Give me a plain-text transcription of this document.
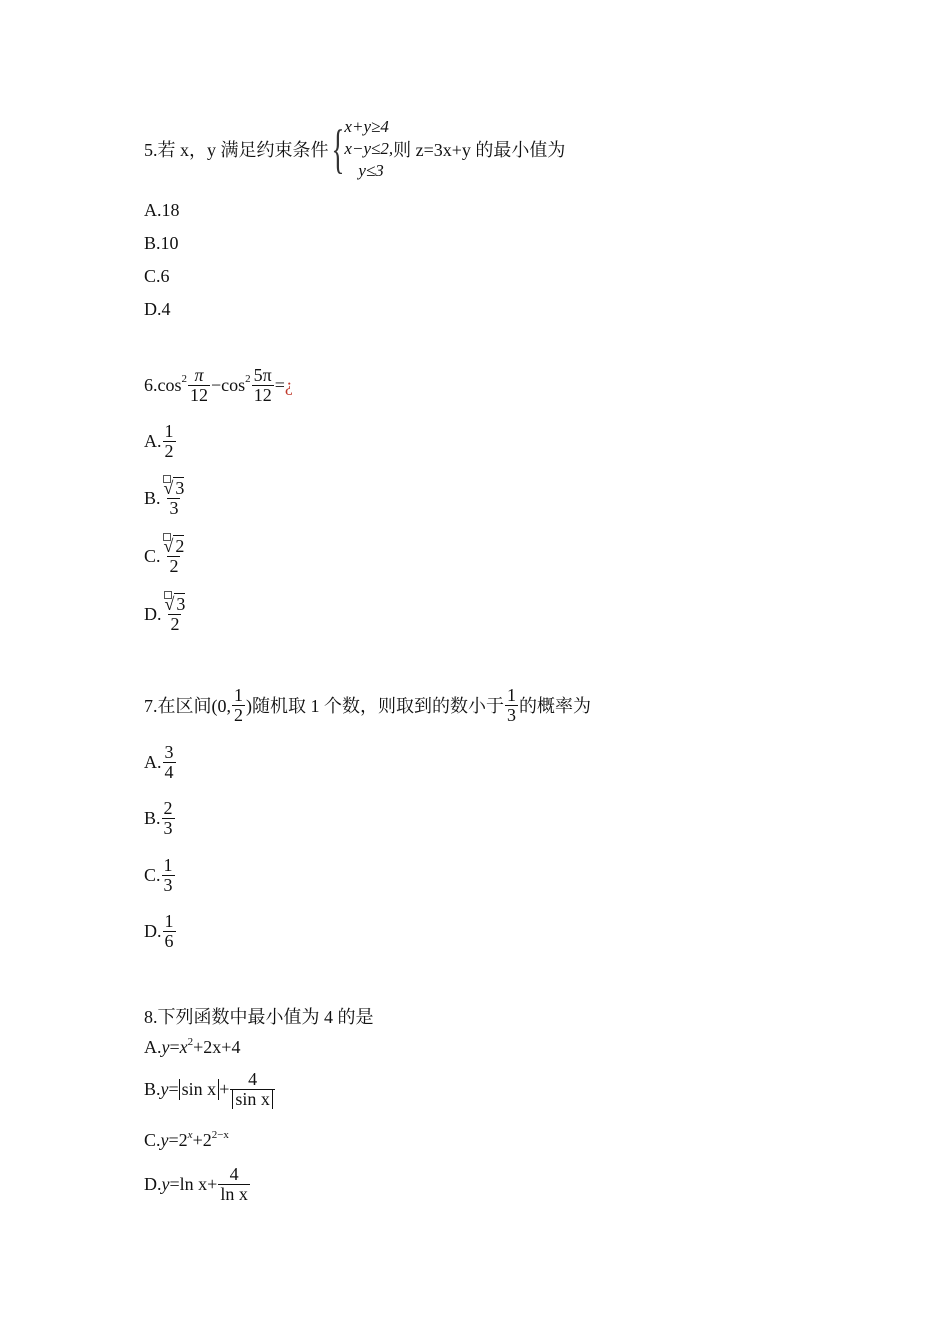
5.若 x，y 满足约束条件 { x+y≥4
x−y≤2,
y≤3
则 z=3x+y 的最小值为
A.18
B.10
C.6
D.4
$6.\cos^2 \frac{\pi}{12} -\cos^2 \frac{5\pi}{12}$ = ¿
A. $\frac{1}{2}$
B. $\frac{√ 3}{3}$
C. $\frac{√ 2}{2}$
D. $\frac{√ 3}{2}$
7.在区间(0, $\frac{1}{2}$ )随机取 1 个数，则取到的数小于 $\frac{1}{3}$ 的概率为
A. $\frac{3}{4}$
B. $\frac{2}{3}$
C. $\frac{1}{3}$
D. $\frac{1}{6}$
8.下列函数中最小值为 4 的是
A. $y = x^2 +2x+4$
B. $y = \sin x + \frac{4}{\text{sin x}}$
C. $y =2^x +2^{2-x}$
D. y =ln $x+ \frac{4}{\text{ln x}}$
